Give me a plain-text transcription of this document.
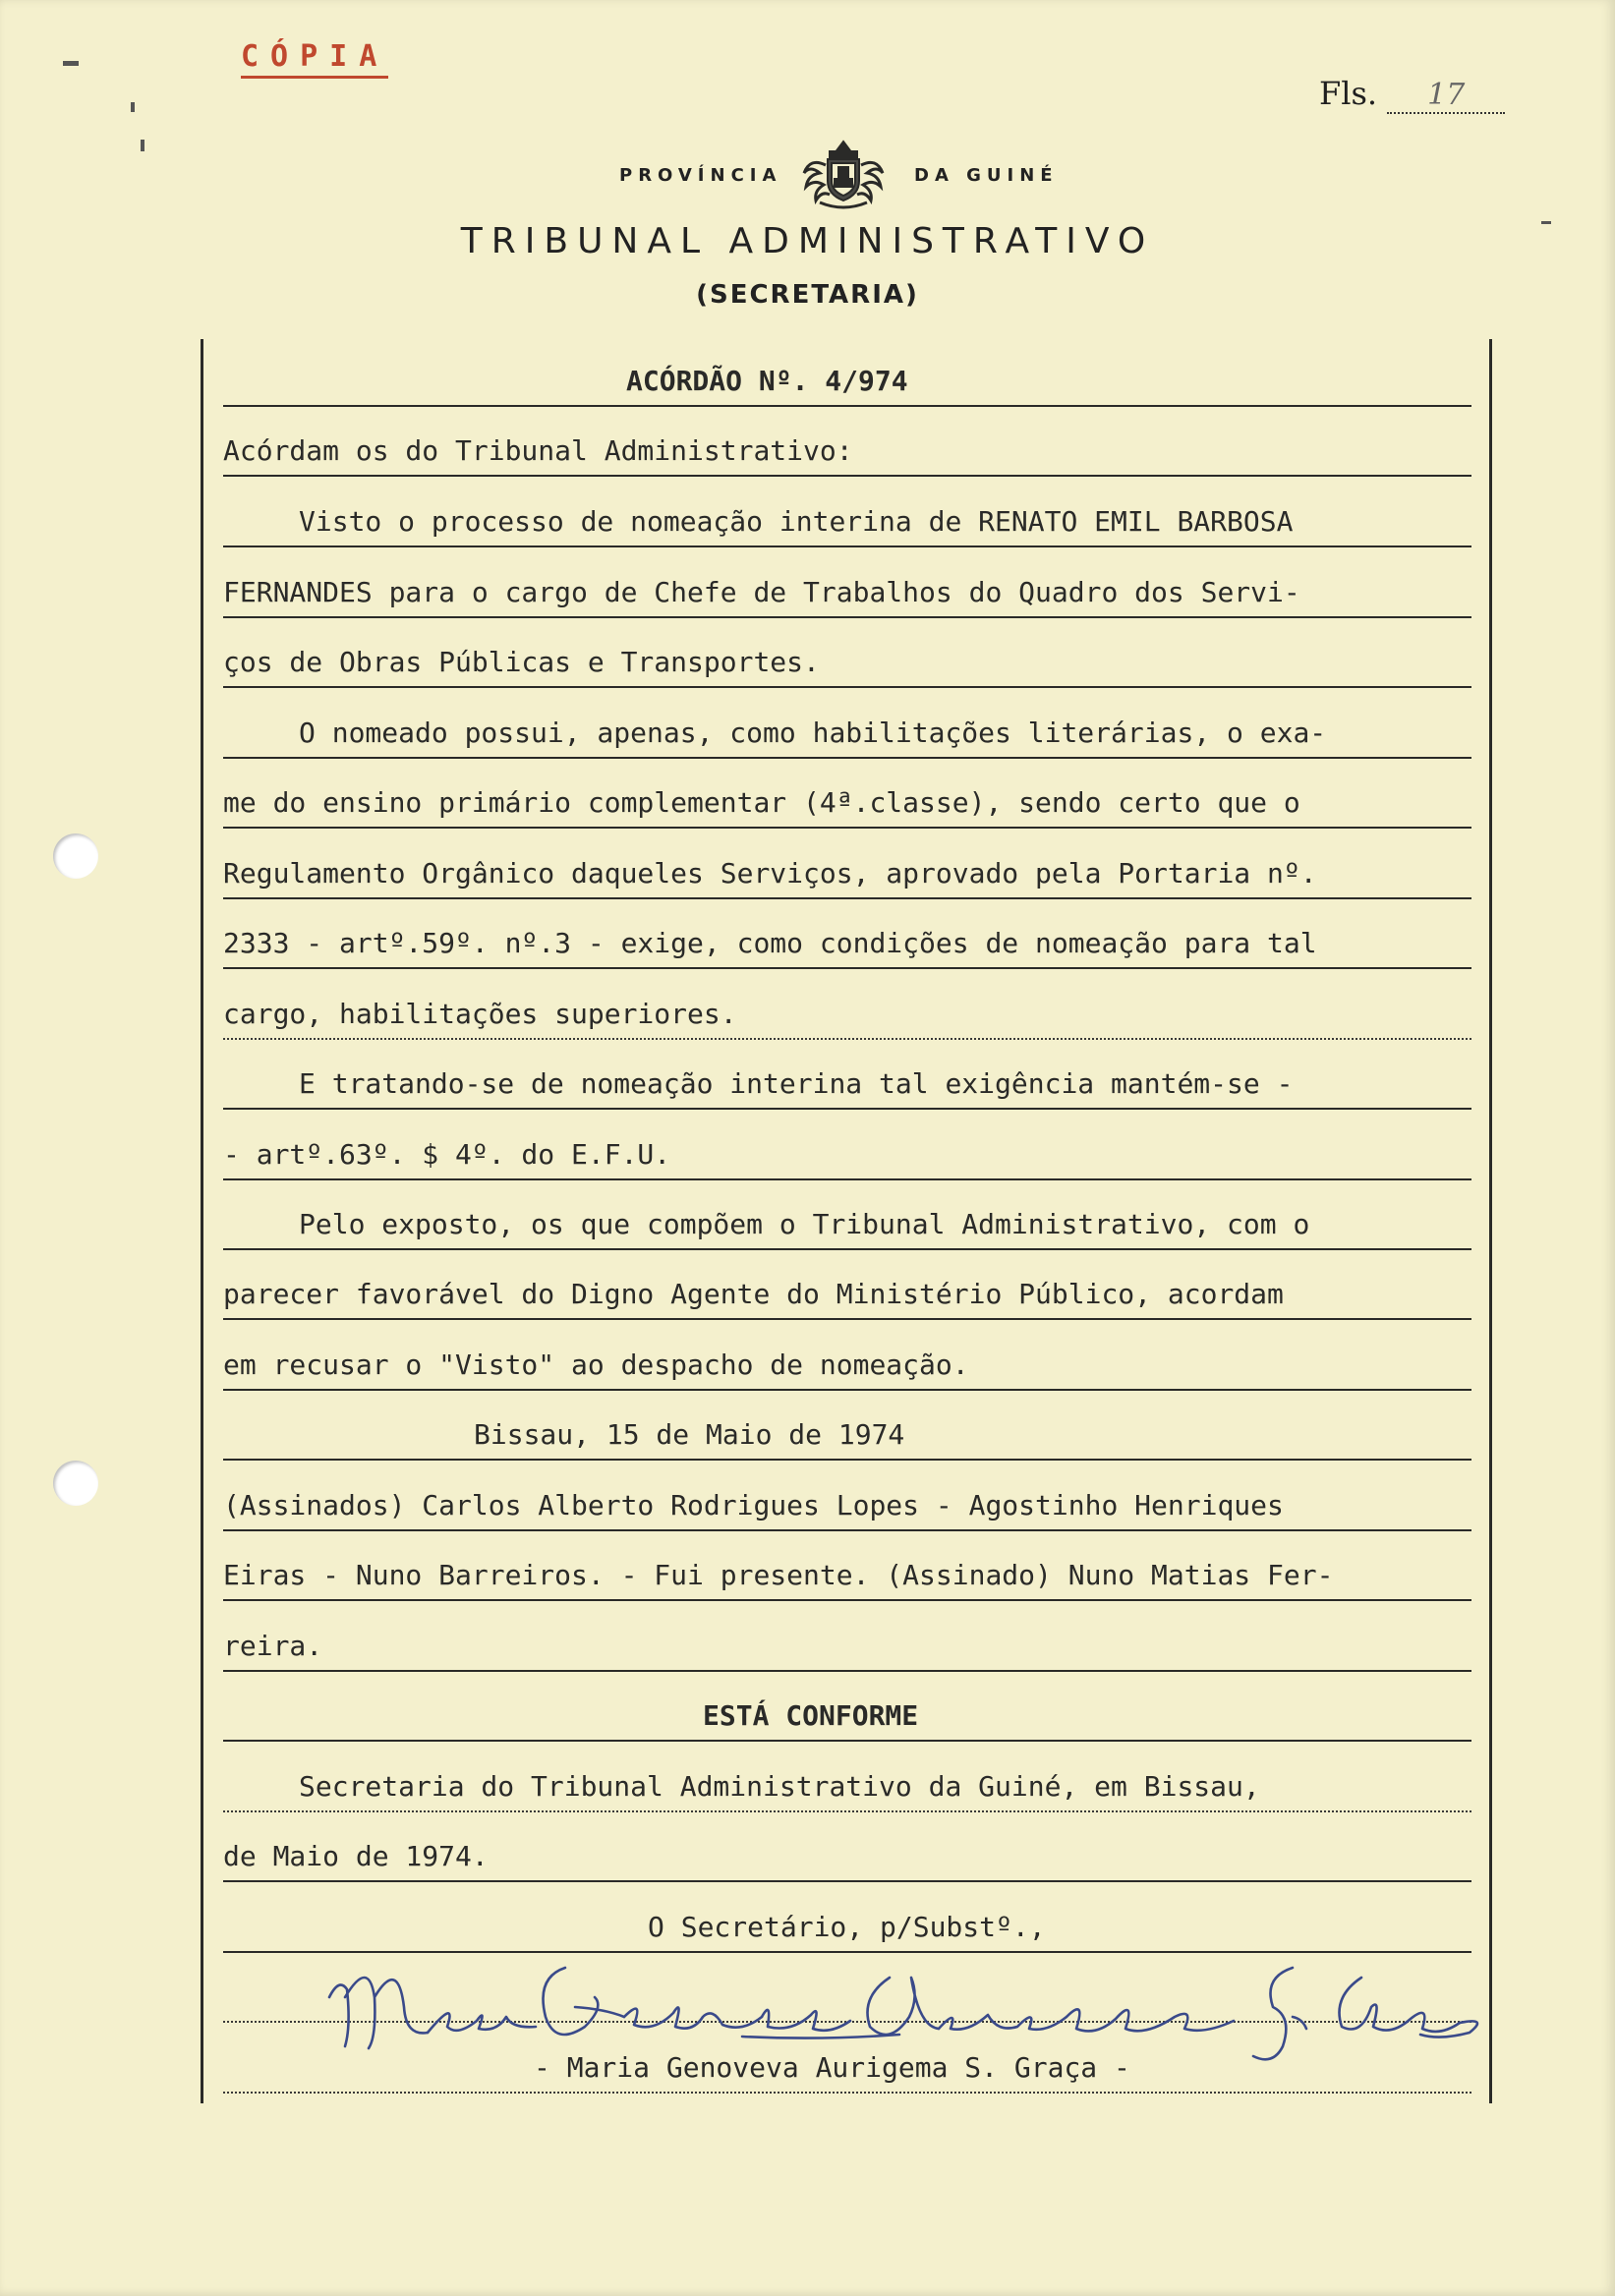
CÓPIA
Fls. 17
PROVÍNCIA	DA GUINÉ
TRIBUNAL ADMINISTRATIVO
(SECRETARIA)

ACÓRDÃO Nº. 4/974

Acórdam os do Tribunal Administrativo:

Visto o processo de nomeação interina de RENATO EMIL BARBOSA

FERNANDES para o cargo de Chefe de Trabalhos do Quadro dos Servi-

ços de Obras Públicas e Transportes.

O nomeado possui, apenas, como habilitações literárias, o exa-

me do ensino primário complementar (4ª.classe), sendo certo que o

Regulamento Orgânico daqueles Serviços, aprovado pela Portaria nº.

2333 - artº.59º. nº.3 - exige, como condições de nomeação para tal

cargo, habilitações superiores.

E tratando-se de nomeação interina tal exigência mantém-se -

- artº.63º. $ 4º. do E.F.U.

Pelo exposto, os que compõem o Tribunal Administrativo, com o

parecer favorável do Digno Agente do Ministério Público, acordam

em recusar o "Visto" ao despacho de nomeação.

Bissau, 15 de Maio de 1974

(Assinados) Carlos Alberto Rodrigues Lopes - Agostinho Henriques

Eiras - Nuno Barreiros. - Fui presente. (Assinado) Nuno Matias Fer-

reira.

ESTÁ CONFORME

Secretaria do Tribunal Administrativo da Guiné, em Bissau,

de Maio de 1974.

O Secretário, p/Substº.,

- Maria Genoveva Aurigema S. Graça -
